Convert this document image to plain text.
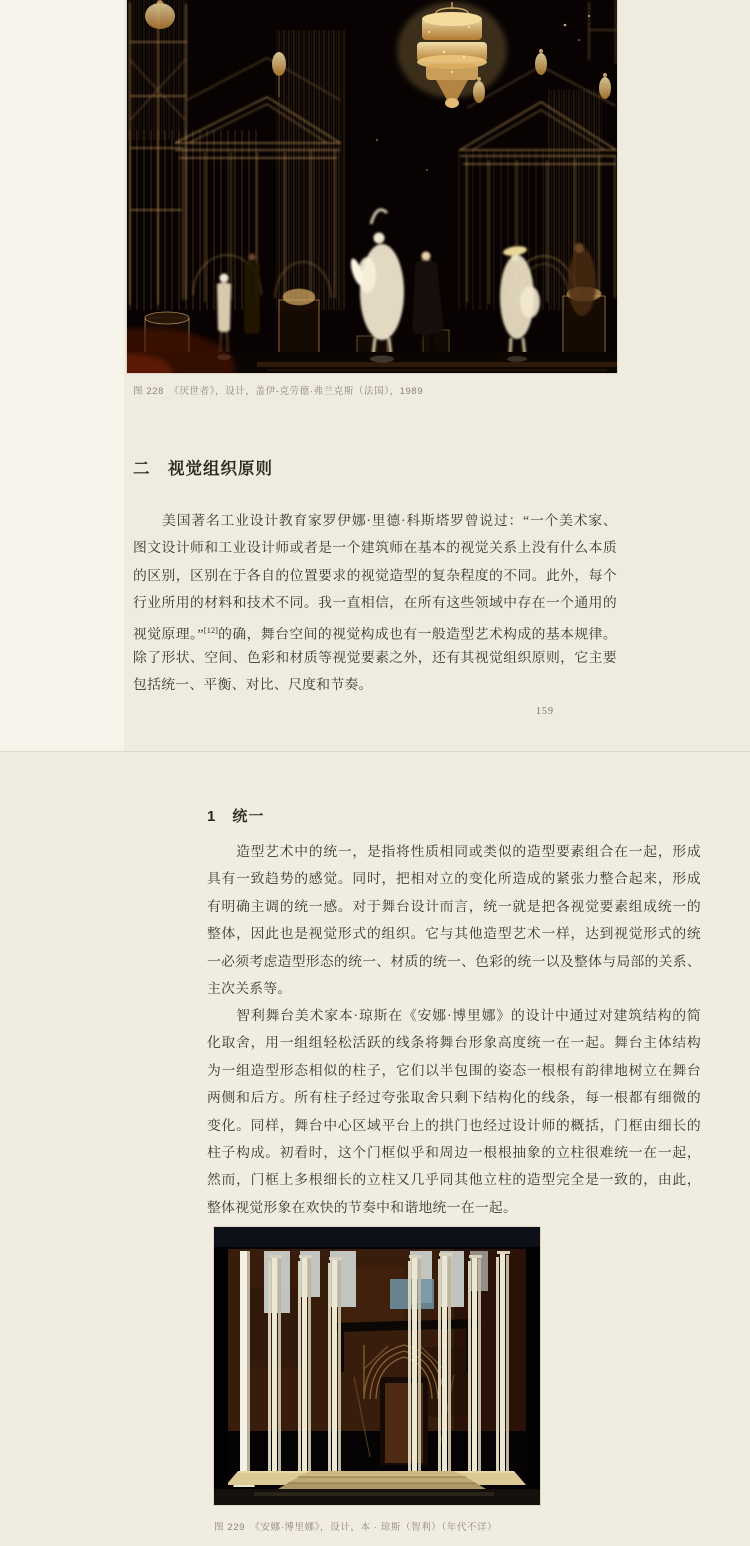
图 228　《厌世者》，设计，盖伊-克劳德·弗兰克斯（法国），1989
二　视觉组织原则
　　美国著名工业设计教育家罗伊娜·里德·科斯塔罗曾说过：“一个美术家、
图文设计师和工业设计师或者是一个建筑师在基本的视觉关系上没有什么本质
的区别，区别在于各自的位置要求的视觉造型的复杂程度的不同。此外，每个
行业所用的材料和技术不同。我一直相信，在所有这些领域中存在一个通用的
视觉原理。”[12]的确，舞台空间的视觉构成也有一般造型艺术构成的基本规律。
除了形状、空间、色彩和材质等视觉要素之外，还有其视觉组织原则，它主要
包括统一、平衡、对比、尺度和节奏。
159
1　统一
　　造型艺术中的统一，是指将性质相同或类似的造型要素组合在一起，形成
具有一致趋势的感觉。同时，把相对立的变化所造成的紧张力整合起来，形成
有明确主调的统一感。对于舞台设计而言，统一就是把各视觉要素组成统一的
整体，因此也是视觉形式的组织。它与其他造型艺术一样，达到视觉形式的统
一必须考虑造型形态的统一、材质的统一、色彩的统一以及整体与局部的关系、
主次关系等。
　　智利舞台美术家本·琼斯在《安娜·博里娜》的设计中通过对建筑结构的简
化取舍，用一组组轻松活跃的线条将舞台形象高度统一在一起。舞台主体结构
为一组造型形态相似的柱子，它们以半包围的姿态一根根有韵律地树立在舞台
两侧和后方。所有柱子经过夸张取舍只剩下结构化的线条，每一根都有细微的
变化。同样，舞台中心区域平台上的拱门也经过设计师的概括，门框由细长的
柱子构成。初看时，这个门框似乎和周边一根根抽象的立柱很难统一在一起，
然而，门框上多根细长的立柱又几乎同其他立柱的造型完全是一致的，由此，
整体视觉形象在欢快的节奏中和谐地统一在一起。
图 229　《安娜·博里娜》，设计，本 · 琼斯（智利）（年代不详）
